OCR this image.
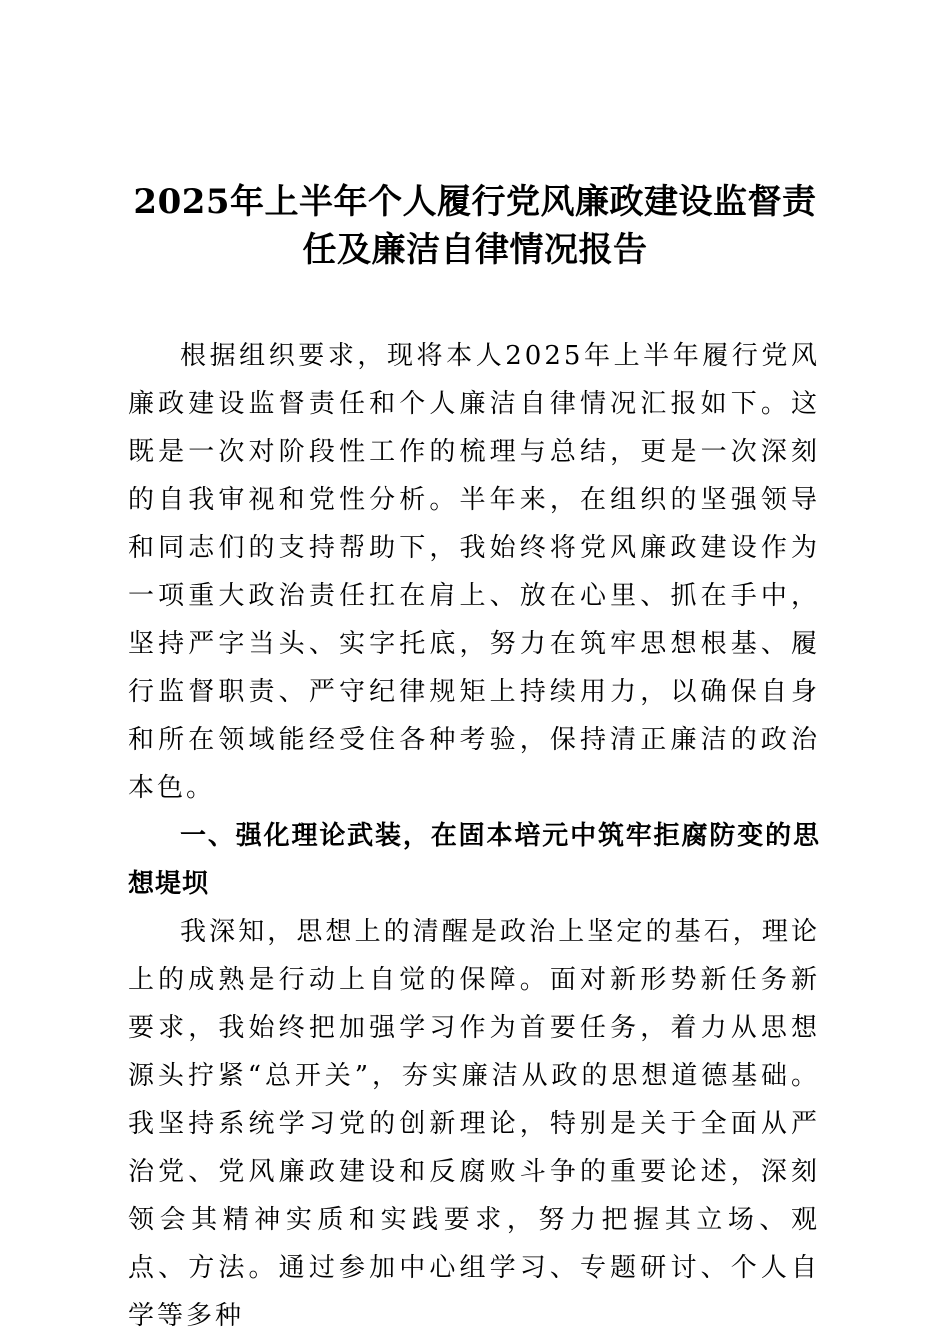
2025年上半年个人履行党风廉政建设监督责任及廉洁自律情况报告

根据组织要求，现将本人2025年上半年履行党风廉政建设监督责任和个人廉洁自律情况汇报如下。这既是一次对阶段性工作的梳理与总结，更是一次深刻的自我审视和党性分析。半年来，在组织的坚强领导和同志们的支持帮助下，我始终将党风廉政建设作为一项重大政治责任扛在肩上、放在心里、抓在手中，坚持严字当头、实字托底，努力在筑牢思想根基、履行监督职责、严守纪律规矩上持续用力，以确保自身和所在领域能经受住各种考验，保持清正廉洁的政治本色。

一、强化理论武装，在固本培元中筑牢拒腐防变的思想堤坝

我深知，思想上的清醒是政治上坚定的基石，理论上的成熟是行动上自觉的保障。面对新形势新任务新要求，我始终把加强学习作为首要任务，着力从思想源头拧紧“总开关”，夯实廉洁从政的思想道德基础。我坚持系统学习党的创新理论，特别是关于全面从严治党、党风廉政建设和反腐败斗争的重要论述，深刻领会其精神实质和实践要求，努力把握其立场、观点、方法。通过参加中心组学习、专题研讨、个人自学等多种
